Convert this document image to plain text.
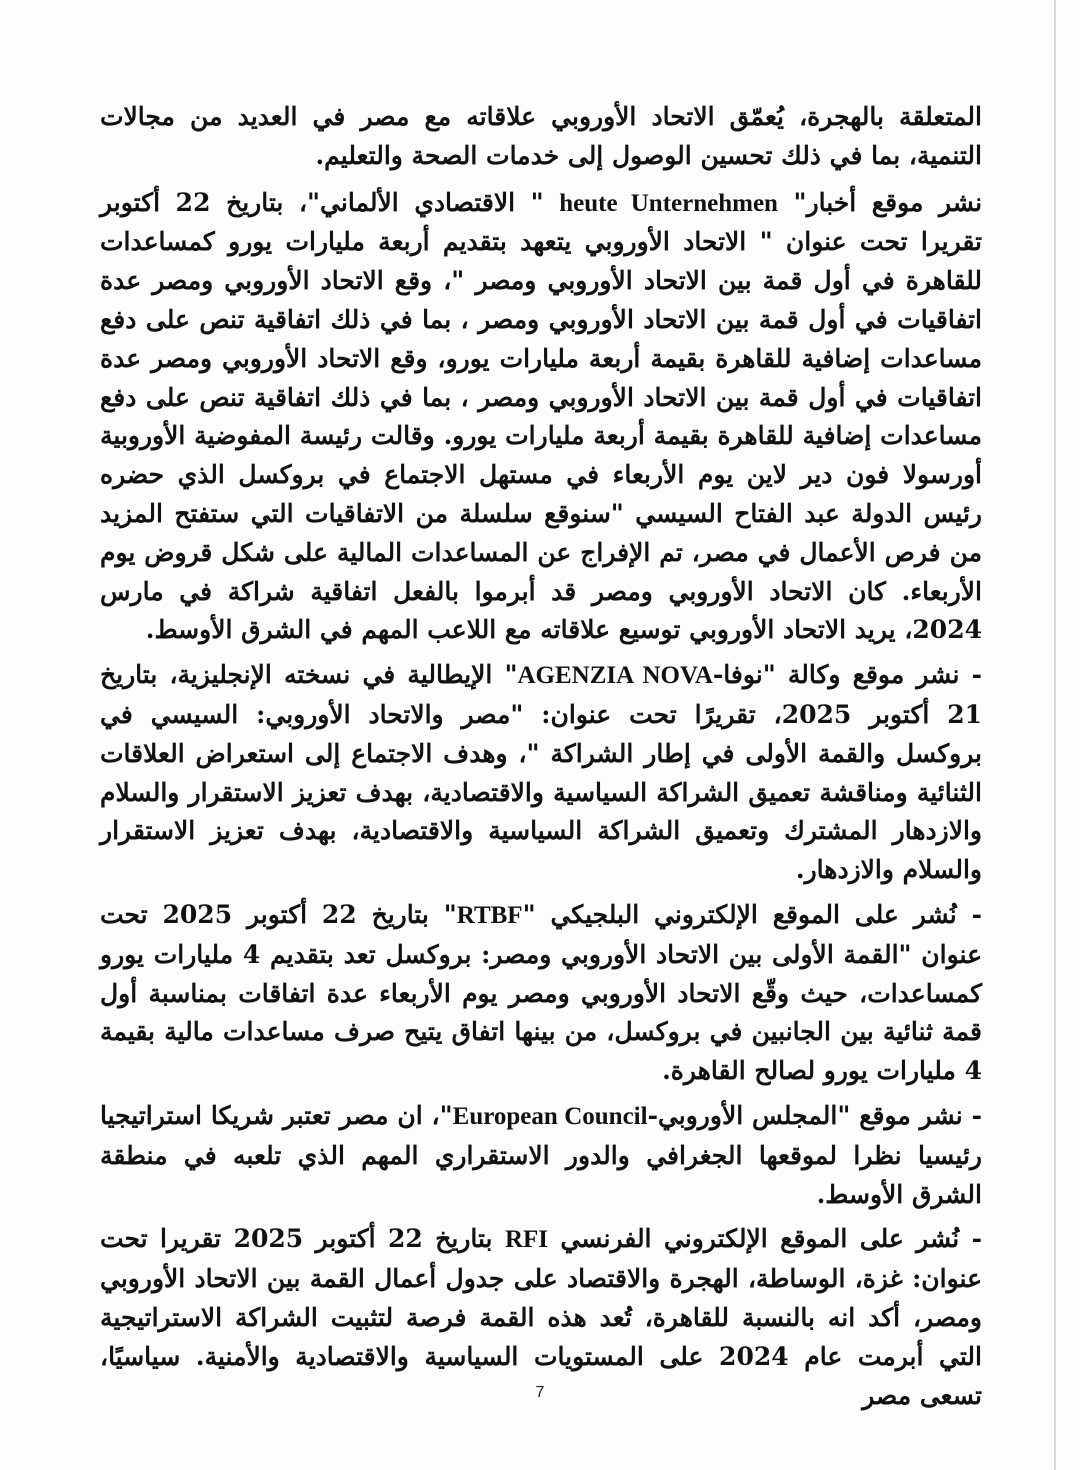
المتعلقة بالهجرة، يُعمّق الاتحاد الأوروبي علاقاته مع مصر في العديد من مجالات التنمية، بما في ذلك تحسين الوصول إلى خدمات الصحة والتعليم.

نشر موقع أخبار" heute Unternehmen " الاقتصادي الألماني"، بتاريخ 22 أكتوبر تقريرا تحت عنوان " الاتحاد الأوروبي يتعهد بتقديم أربعة مليارات يورو كمساعدات للقاهرة في أول قمة بين الاتحاد الأوروبي ومصر "، وقع الاتحاد الأوروبي ومصر عدة اتفاقيات في أول قمة بين الاتحاد الأوروبي ومصر ، بما في ذلك اتفاقية تنص على دفع مساعدات إضافية للقاهرة بقيمة أربعة مليارات يورو، وقع الاتحاد الأوروبي ومصر عدة اتفاقيات في أول قمة بين الاتحاد الأوروبي ومصر ، بما في ذلك اتفاقية تنص على دفع مساعدات إضافية للقاهرة بقيمة أربعة مليارات يورو. وقالت رئيسة المفوضية الأوروبية أورسولا فون دير لاين يوم الأربعاء في مستهل الاجتماع في بروكسل الذي حضره رئيس الدولة عبد الفتاح السيسي "سنوقع سلسلة من الاتفاقيات التي ستفتح المزيد من فرص الأعمال في مصر، تم الإفراج عن المساعدات المالية على شكل قروض يوم الأربعاء. كان الاتحاد الأوروبي ومصر قد أبرموا بالفعل اتفاقية شراكة في مارس 2024، يريد الاتحاد الأوروبي توسيع علاقاته مع اللاعب المهم في الشرق الأوسط.

- نشر موقع وكالة "نوفا-AGENZIA NOVA" الإيطالية في نسخته الإنجليزية، بتاريخ 21 أكتوبر 2025، تقريرًا تحت عنوان: "مصر والاتحاد الأوروبي: السيسي في بروكسل والقمة الأولى في إطار الشراكة "، وهدف الاجتماع إلى استعراض العلاقات الثنائية ومناقشة تعميق الشراكة السياسية والاقتصادية، بهدف تعزيز الاستقرار والسلام والازدهار المشترك وتعميق الشراكة السياسية والاقتصادية، بهدف تعزيز الاستقرار والسلام والازدهار.

- نُشر على الموقع الإلكتروني البلجيكي "RTBF" بتاريخ 22 أكتوبر 2025 تحت عنوان "القمة الأولى بين الاتحاد الأوروبي ومصر: بروكسل تعد بتقديم 4 مليارات يورو كمساعدات، حيث وقّع الاتحاد الأوروبي ومصر يوم الأربعاء عدة اتفاقات بمناسبة أول قمة ثنائية بين الجانبين في بروكسل، من بينها اتفاق يتيح صرف مساعدات مالية بقيمة 4 مليارات يورو لصالح القاهرة.

- نشر موقع "المجلس الأوروبي-European Council"، ان مصر تعتبر شريكا استراتيجيا رئيسيا نظرا لموقعها الجغرافي والدور الاستقراري المهم الذي تلعبه في منطقة الشرق الأوسط.

- نُشر على الموقع الإلكتروني الفرنسي RFI بتاريخ 22 أكتوبر 2025 تقريرا تحت عنوان: غزة، الوساطة، الهجرة والاقتصاد على جدول أعمال القمة بين الاتحاد الأوروبي ومصر، أكد انه بالنسبة للقاهرة، تُعد هذه القمة فرصة لتثبيت الشراكة الاستراتيجية التي أبرمت عام 2024 على المستويات السياسية والاقتصادية والأمنية. سياسيًا، تسعى مصر

7
